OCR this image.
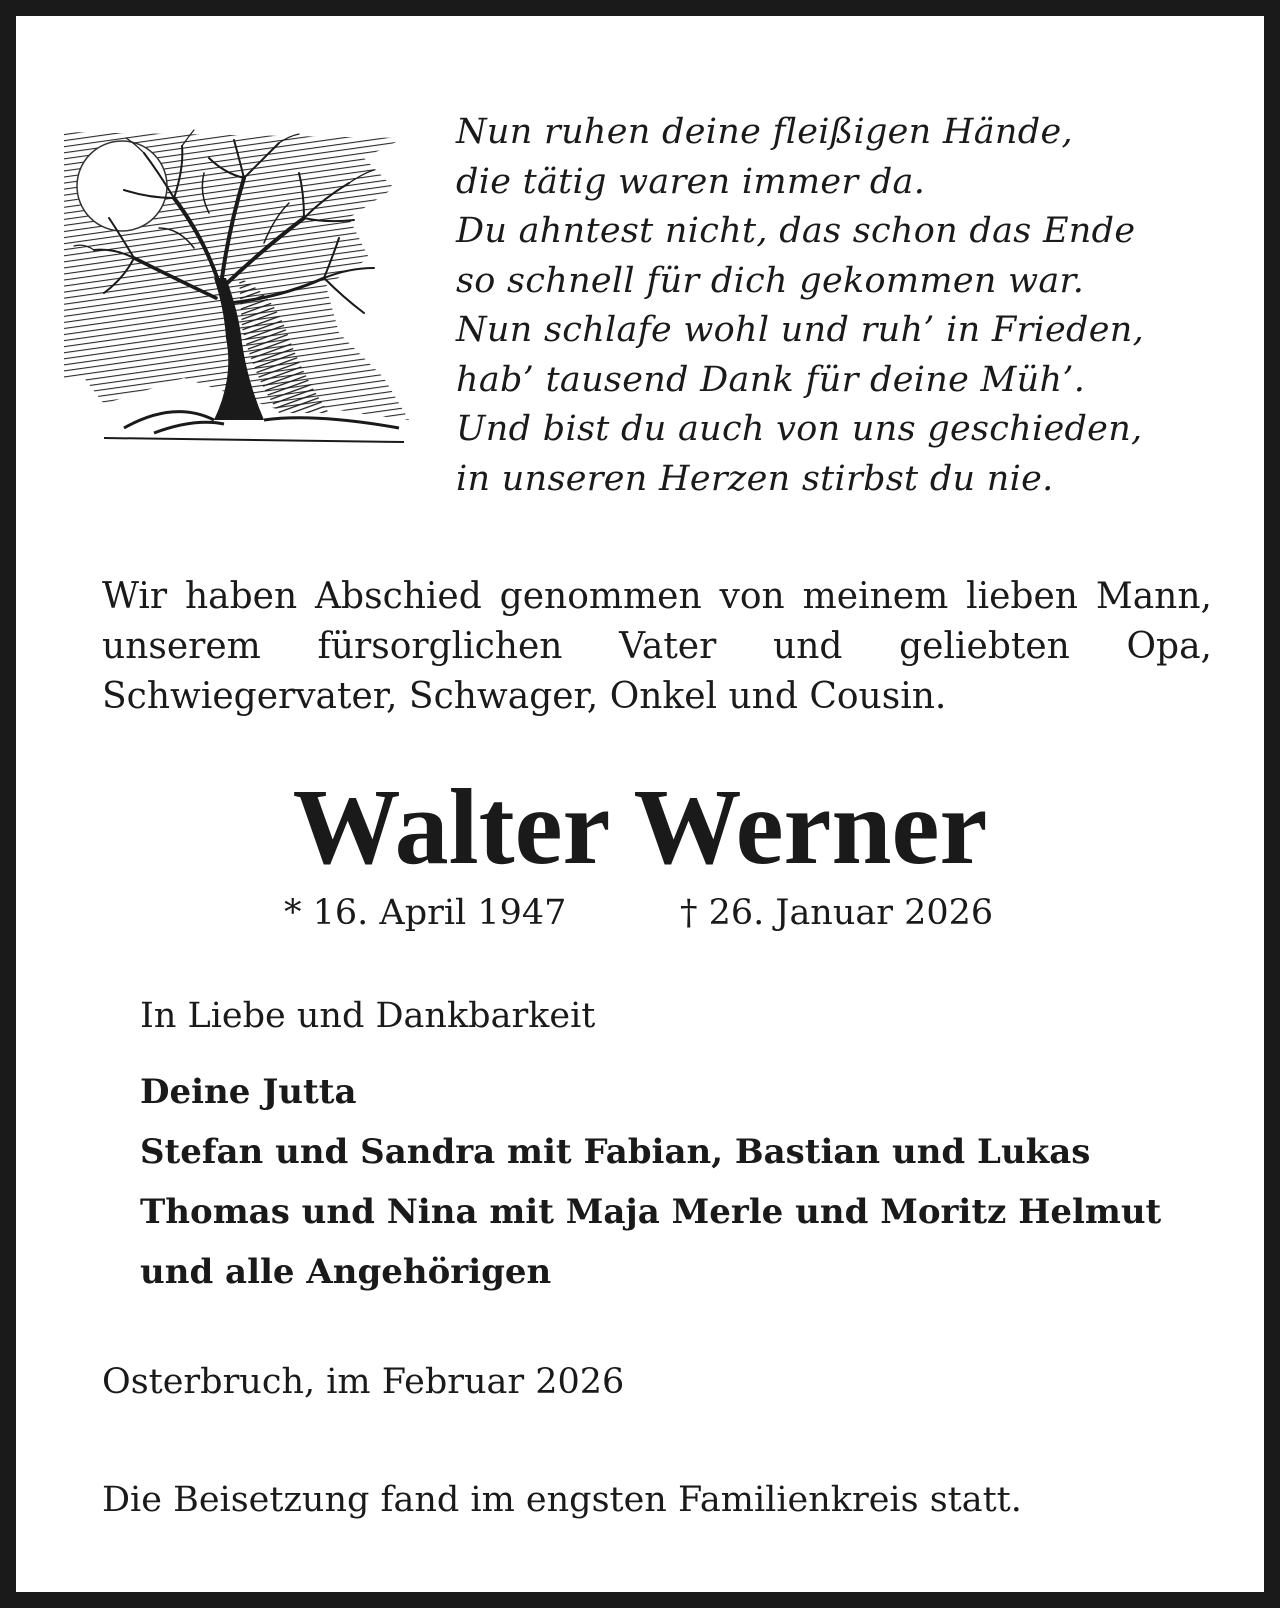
Nun ruhen deine fleißigen Hände,
die tätig waren immer da.
Du ahntest nicht, das schon das Ende
so schnell für dich gekommen war.
Nun schlafe wohl und ruh’ in Frieden,
hab’ tausend Dank für deine Müh’.
Und bist du auch von uns geschieden,
in unseren Herzen stirbst du nie.
Wir haben Abschied genommen von meinem lieben Mann, unserem fürsorglichen Vater und geliebten Opa, Schwiegervater, Schwager, Onkel und Cousin.
Walter Werner
* 16. April 1947	† 26. Januar 2026
In Liebe und Dankbarkeit
Deine Jutta
Stefan und Sandra mit Fabian, Bastian und Lukas
Thomas und Nina mit Maja Merle und Moritz Helmut
und alle Angehörigen
Osterbruch, im Februar 2026
Die Beisetzung fand im engsten Familienkreis statt.
